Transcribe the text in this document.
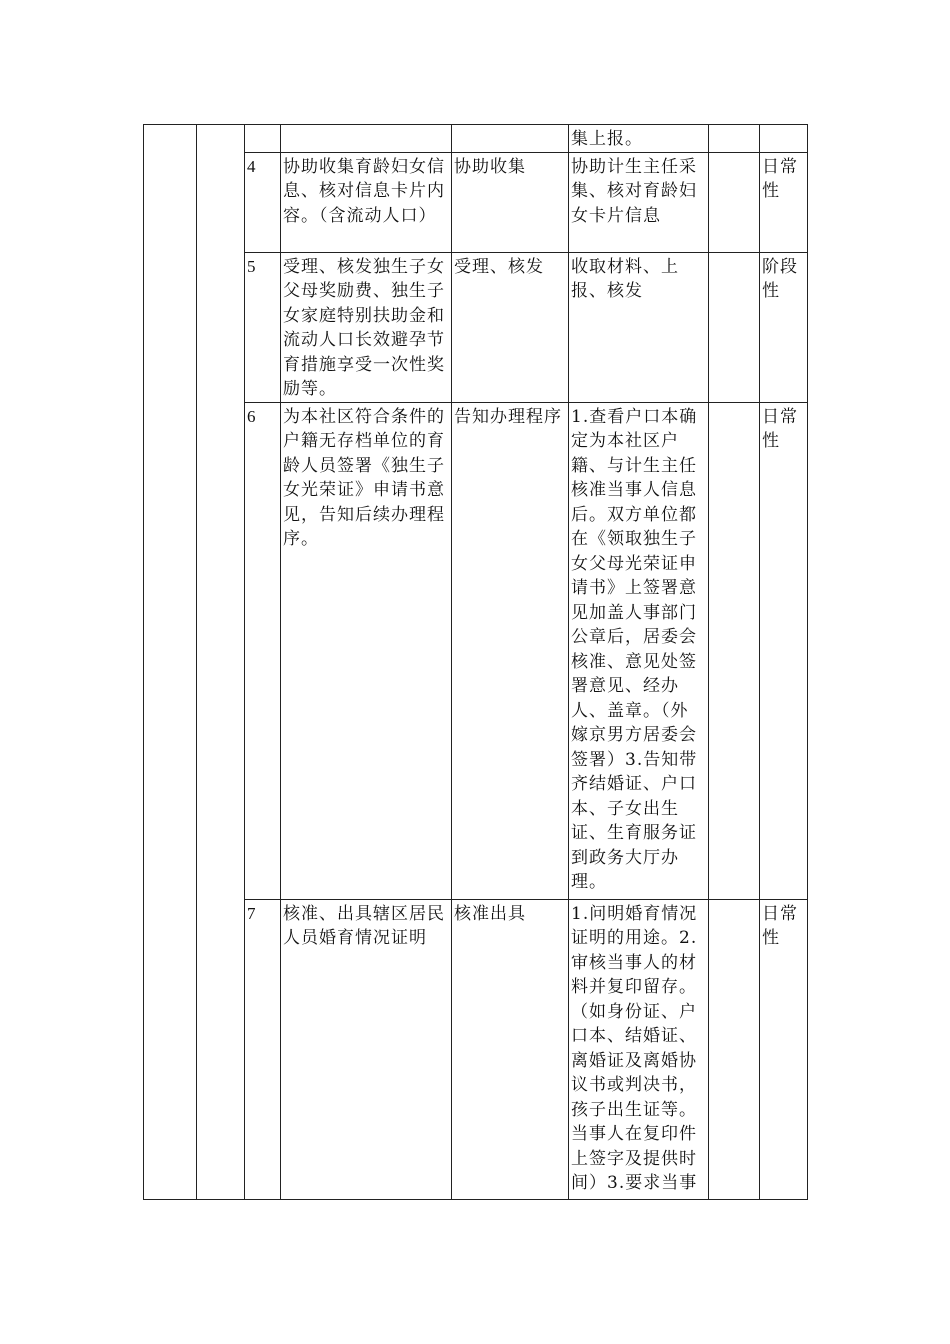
					集上报。		
		4	协助收集育龄妇女信息、核对信息卡片内容。（含流动人口）	协助收集	协助计生主任采集、核对育龄妇女卡片信息		日常性
		5	受理、核发独生子女父母奖励费、独生子女家庭特别扶助金和流动人口长效避孕节育措施享受一次性奖励等。	受理、核发	收取材料、上报、核发		阶段性
		6	为本社区符合条件的户籍无存档单位的育龄人员签署《独生子女光荣证》申请书意见，告知后续办理程序。	告知办理程序	1.查看户口本确定为本社区户籍、与计生主任核准当事人信息后。双方单位都在《领取独生子女父母光荣证申请书》上签署意见加盖人事部门公章后，居委会核准、意见处签署意见、经办人、盖章。（外嫁京男方居委会签署）3.告知带齐结婚证、户口本、子女出生证、生育服务证到政务大厅办理。		日常性
		7	核准、出具辖区居民人员婚育情况证明	核准出具	1.问明婚育情况证明的用途。2.审核当事人的材料并复印留存。（如身份证、户口本、结婚证、离婚证及离婚协议书或判决书，孩子出生证等。当事人在复印件上签字及提供时间）3.要求当事		日常性
